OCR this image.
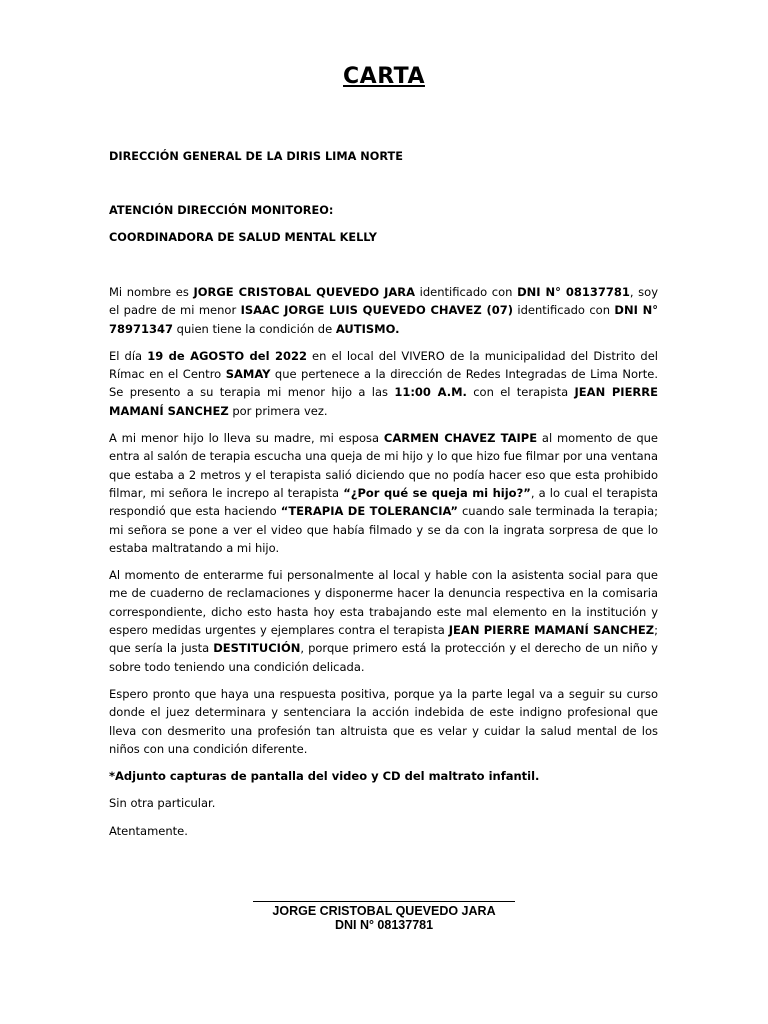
CARTA

DIRECCIÓN GENERAL DE LA DIRIS LIMA NORTE

ATENCIÓN DIRECCIÓN MONITOREO:

COORDINADORA DE SALUD MENTAL KELLY

Mi nombre es JORGE CRISTOBAL QUEVEDO JARA identificado con DNI N° 08137781, soy el padre de mi menor ISAAC JORGE LUIS QUEVEDO CHAVEZ (07) identificado con DNI N° 78971347 quien tiene la condición de AUTISMO.

El día 19 de AGOSTO del 2022 en el local del VIVERO de la municipalidad del Distrito del Rímac en el Centro SAMAY que pertenece a la dirección de Redes Integradas de Lima Norte. Se presento a su terapia mi menor hijo a las 11:00 A.M. con el terapista JEAN PIERRE MAMANÍ SANCHEZ por primera vez.

A mi menor hijo lo lleva su madre, mi esposa CARMEN CHAVEZ TAIPE al momento de que entra al salón de terapia escucha una queja de mi hijo y lo que hizo fue filmar por una ventana que estaba a 2 metros y el terapista salió diciendo que no podía hacer eso que esta prohibido filmar, mi señora le increpo al terapista “¿Por qué se queja mi hijo?”, a lo cual el terapista respondió que esta haciendo “TERAPIA DE TOLERANCIA” cuando sale terminada la terapia; mi señora se pone a ver el video que había filmado y se da con la ingrata sorpresa de que lo estaba maltratando a mi hijo.

Al momento de enterarme fui personalmente al local y hable con la asistenta social para que me de cuaderno de reclamaciones y disponerme hacer la denuncia respectiva en la comisaria correspondiente, dicho esto hasta hoy esta trabajando este mal elemento en la institución y espero medidas urgentes y ejemplares contra el terapista JEAN PIERRE MAMANÍ SANCHEZ; que sería la justa DESTITUCIÓN, porque primero está la protección y el derecho de un niño y sobre todo teniendo una condición delicada.

Espero pronto que haya una respuesta positiva, porque ya la parte legal va a seguir su curso donde el juez determinara y sentenciara la acción indebida de este indigno profesional que lleva con desmerito una profesión tan altruista que es velar y cuidar la salud mental de los niños con una condición diferente.

*Adjunto capturas de pantalla del video y CD del maltrato infantil.

Sin otra particular.

Atentamente.

JORGE CRISTOBAL QUEVEDO JARA
DNI N° 08137781
